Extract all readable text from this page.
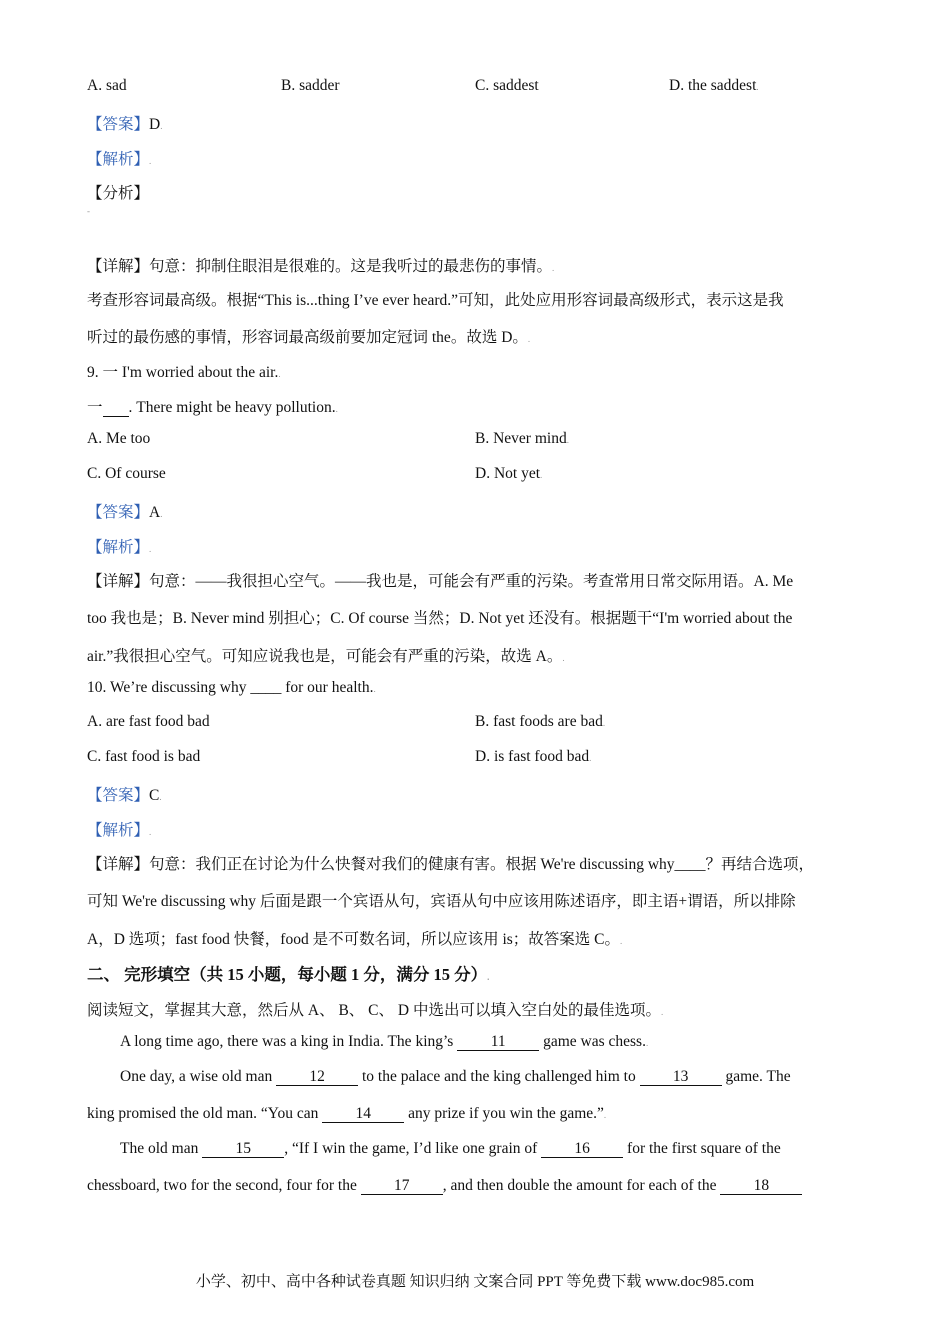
A. sad	B. sadder	C. saddest	D. the saddest.
【答案】D.
【解析】.
【分析】
-
【详解】句意：抑制住眼泪是很难的。这是我听过的最悲伤的事情。.
考查形容词最高级。根据“This is...thing I’ve ever heard.”可知，此处应用形容词最高级形式，表示这是我
听过的最伤感的事情，形容词最高级前要加定冠词 the。故选 D。.
9. 一 I'm worried about the air..
一 . There might be heavy pollution..
A. Me too	B. Never mind.
C. Of course	D. Not yet.
【答案】A.
【解析】.
【详解】句意：——我很担心空气。——我也是，可能会有严重的污染。考查常用日常交际用语。A. Me
too 我也是；B. Never mind 别担心；C. Of course 当然；D. Not yet 还没有。根据题干“I'm worried about the
air.”我很担心空气。可知应说我也是，可能会有严重的污染，故选 A。.
10. We’re discussing why ____ for our health..
A. are fast food bad	B. fast foods are bad.
C. fast food is bad	D. is fast food bad.
【答案】C.
【解析】.
【详解】句意：我们正在讨论为什么快餐对我们的健康有害。根据 We're discussing why____？再结合选项，
可知 We're discussing why 后面是跟一个宾语从句，宾语从句中应该用陈述语序，即主语+谓语，所以排除
A，D 选项；fast food 快餐，food 是不可数名词，所以应该用 is；故答案选 C。.
二、 完形填空（共 15 小题，每小题 1 分，满分 15 分）.
阅读短文，掌握其大意，然后从 A、 B、 C、 D 中选出可以填入空白处的最佳选项。.
A long time ago, there was a king in India. The king’s 11 game was chess..
One day, a wise old man 12 to the palace and the king challenged him to 13 game. The
king promised the old man. “You can 14 any prize if you win the game.”.
The old man 15 , “If I win the game, I’d like one grain of 16 for the first square of the
chessboard, two for the second, four for the 17 , and then double the amount for each of the 18
小学、初中、高中各种试卷真题 知识归纳 文案合同 PPT 等免费下载 www.doc985.com
